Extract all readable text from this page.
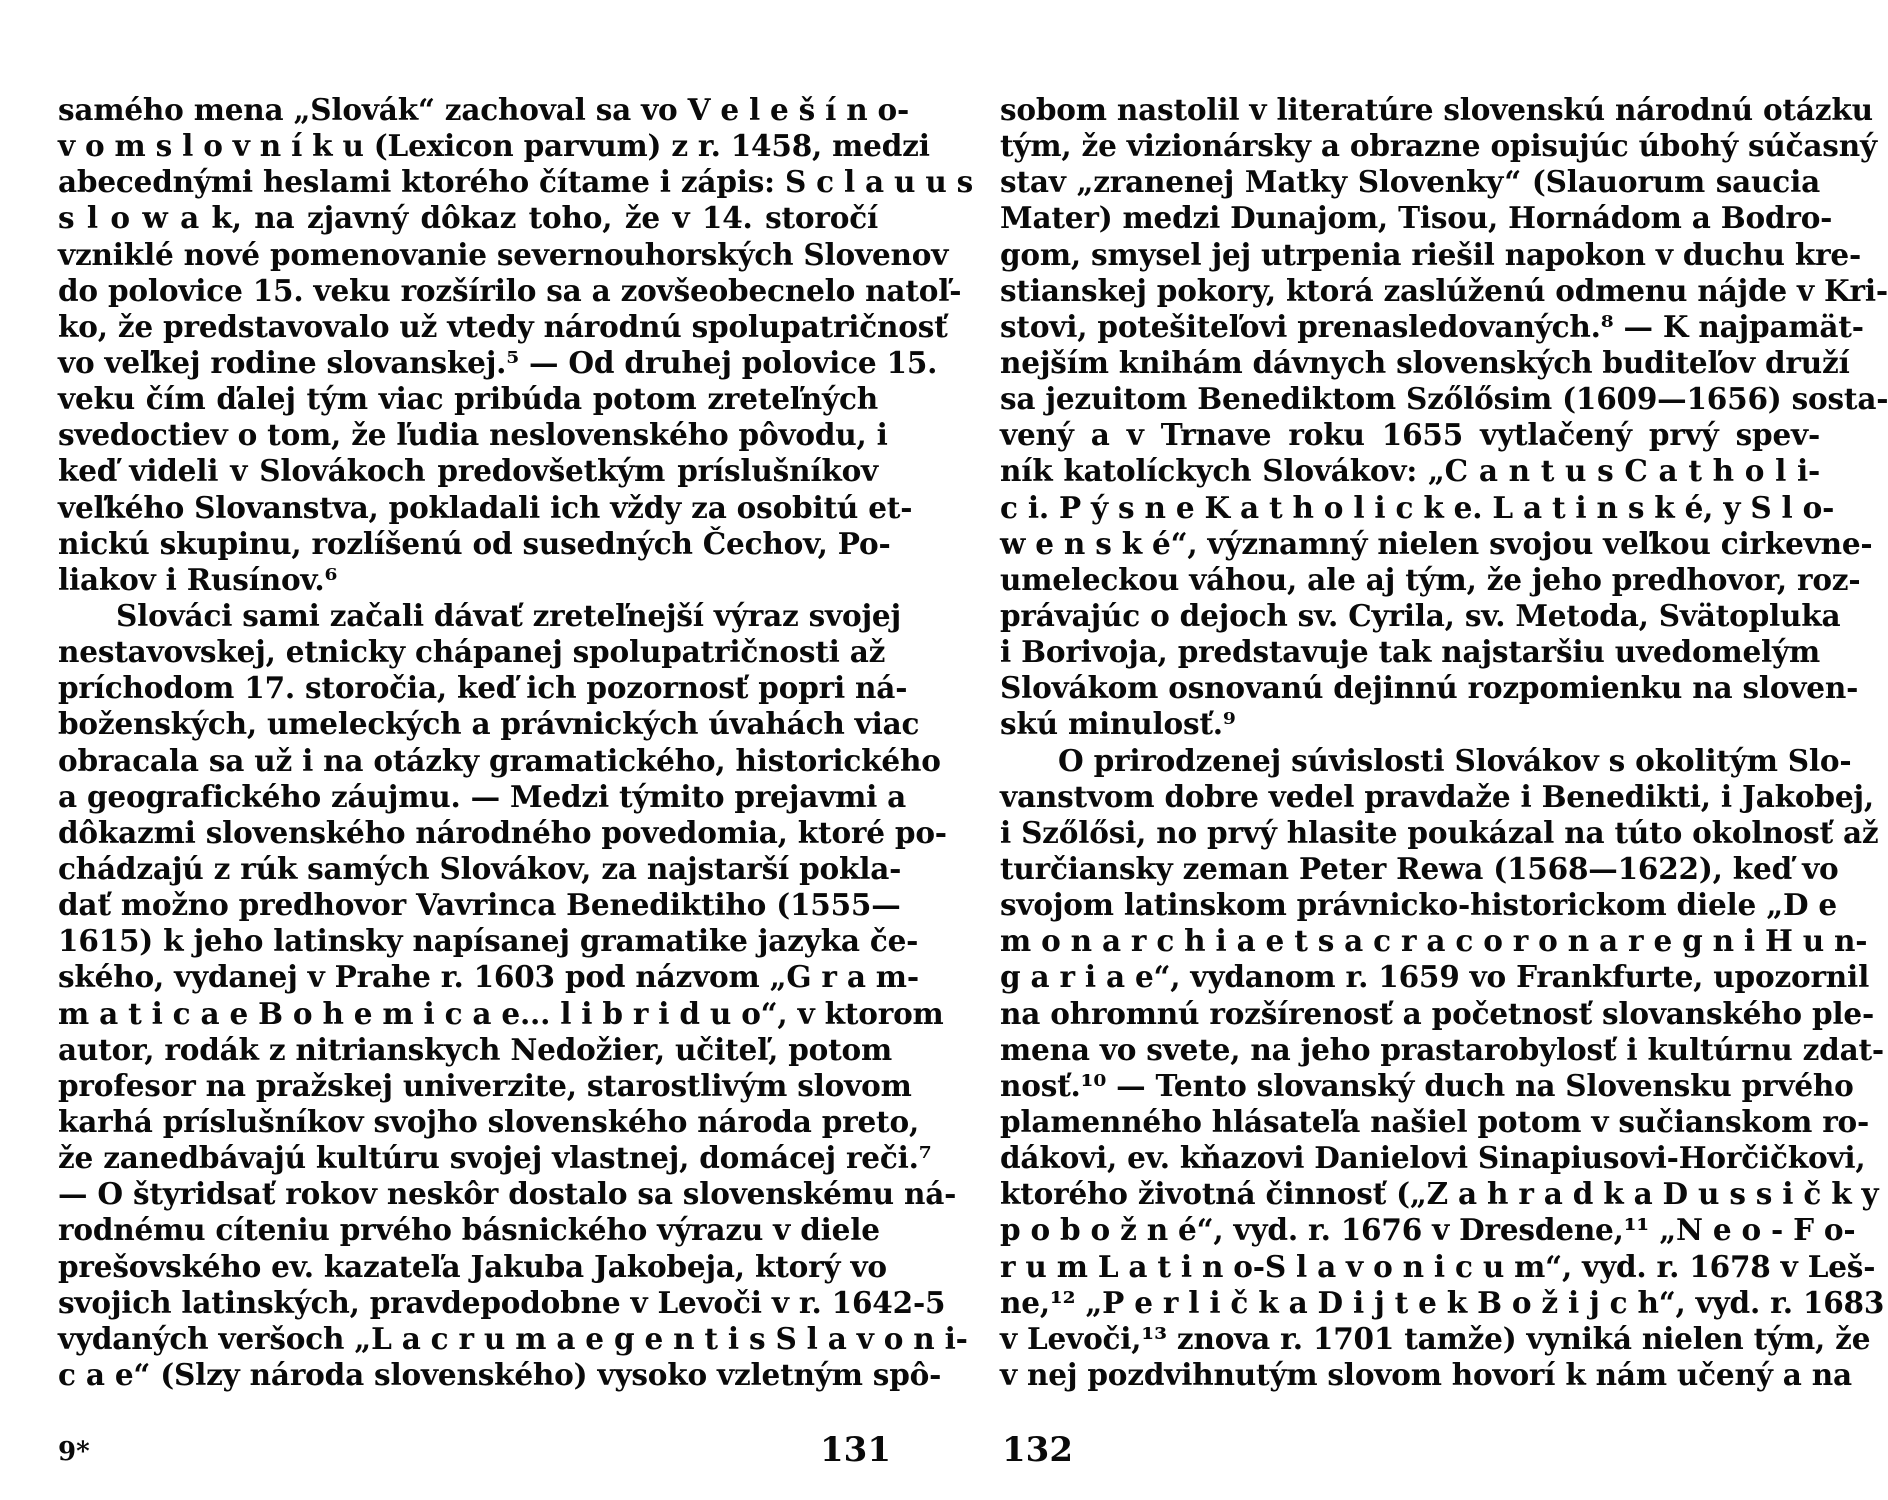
samého mena „Slovák“ zachoval sa vo V e l e š í n o-
v o m s l o v n í k u (Lexicon parvum) z r. 1458, medzi
abecednými heslami ktorého čítame i zápis: S c l a u u s
s l o w a k, na zjavný dôkaz toho, že v 14. storočí
vzniklé nové pomenovanie severnouhorských Slovenov
do polovice 15. veku rozšírilo sa a zovšeobecnelo natoľ-
ko, že predstavovalo už vtedy národnú spolupatričnosť
vo veľkej rodine slovanskej.⁵ — Od druhej polovice 15.
veku čím ďalej tým viac pribúda potom zreteľných
svedoctiev o tom, že ľudia neslovenského pôvodu, i
keď videli v Slovákoch predovšetkým príslušníkov
veľkého Slovanstva, pokladali ich vždy za osobitú et-
nickú skupinu, rozlíšenú od susedných Čechov, Po-
liakov i Rusínov.⁶
Slováci sami začali dávať zreteľnejší výraz svojej
nestavovskej, etnicky chápanej spolupatričnosti až
príchodom 17. storočia, keď ich pozornosť popri ná-
boženských, umeleckých a právnických úvahách viac
obracala sa už i na otázky gramatického, historického
a geografického záujmu. — Medzi týmito prejavmi a
dôkazmi slovenského národného povedomia, ktoré po-
chádzajú z rúk samých Slovákov, za najstarší pokla-
dať možno predhovor Vavrinca Benediktiho (1555—
1615) k jeho latinsky napísanej gramatike jazyka če-
ského, vydanej v Prahe r. 1603 pod názvom „G r a m-
m a t i c a e B o h e m i c a e... l i b r i d u o“, v ktorom
autor, rodák z nitrianskych Nedožier, učiteľ, potom
profesor na pražskej univerzite, starostlivým slovom
karhá príslušníkov svojho slovenského národa preto,
že zanedbávajú kultúru svojej vlastnej, domácej reči.⁷
— O štyridsať rokov neskôr dostalo sa slovenskému ná-
rodnému cíteniu prvého básnického výrazu v diele
prešovského ev. kazateľa Jakuba Jakobeja, ktorý vo
svojich latinských, pravdepodobne v Levoči v r. 1642-5
vydaných veršoch „L a c r u m a e g e n t i s S l a v o n i-
c a e“ (Slzy národa slovenského) vysoko vzletným spô-
sobom nastolil v literatúre slovenskú národnú otázku
tým, že vizionársky a obrazne opisujúc úbohý súčasný
stav „zranenej Matky Slovenky“ (Slauorum saucia
Mater) medzi Dunajom, Tisou, Hornádom a Bodro-
gom, smysel jej utrpenia riešil napokon v duchu kre-
stianskej pokory, ktorá zaslúženú odmenu nájde v Kri-
stovi, potešiteľovi prenasledovaných.⁸ — K najpamät-
nejším knihám dávnych slovenských buditeľov druží
sa jezuitom Benediktom Szőlősim (1609—1656) sosta-
vený a v Trnave roku 1655 vytlačený prvý spev-
ník katolíckych Slovákov: „C a n t u s C a t h o l i-
c i. P ý s n e K a t h o l i c k e. L a t i n s k é, y S l o-
w e n s k é“, významný nielen svojou veľkou cirkevne-
umeleckou váhou, ale aj tým, že jeho predhovor, roz-
právajúc o dejoch sv. Cyrila, sv. Metoda, Svätopluka
i Borivoja, predstavuje tak najstaršiu uvedomelým
Slovákom osnovanú dejinnú rozpomienku na sloven-
skú minulosť.⁹
O prirodzenej súvislosti Slovákov s okolitým Slo-
vanstvom dobre vedel pravdaže i Benedikti, i Jakobej,
i Szőlősi, no prvý hlasite poukázal na túto okolnosť až
turčiansky zeman Peter Rewa (1568—1622), keď vo
svojom latinskom právnicko-historickom diele „D e
m o n a r c h i a e t s a c r a c o r o n a r e g n i H u n-
g a r i a e“, vydanom r. 1659 vo Frankfurte, upozornil
na ohromnú rozšírenosť a početnosť slovanského ple-
mena vo svete, na jeho prastarobylosť i kultúrnu zdat-
nosť.¹⁰ — Tento slovanský duch na Slovensku prvého
plamenného hlásateľa našiel potom v sučianskom ro-
dákovi, ev. kňazovi Danielovi Sinapiusovi-Horčičkovi,
ktorého životná činnosť („Z a h r a d k a D u s s i č k y
p o b o ž n é“, vyd. r. 1676 v Dresdene,¹¹ „N e o - F o-
r u m L a t i n o-S l a v o n i c u m“, vyd. r. 1678 v Leš-
ne,¹² „P e r l i č k a D i j t e k B o ž i j c h“, vyd. r. 1683
v Levoči,¹³ znova r. 1701 tamže) vyniká nielen tým, že
v nej pozdvihnutým slovom hovorí k nám učený a na
9*	131	132
